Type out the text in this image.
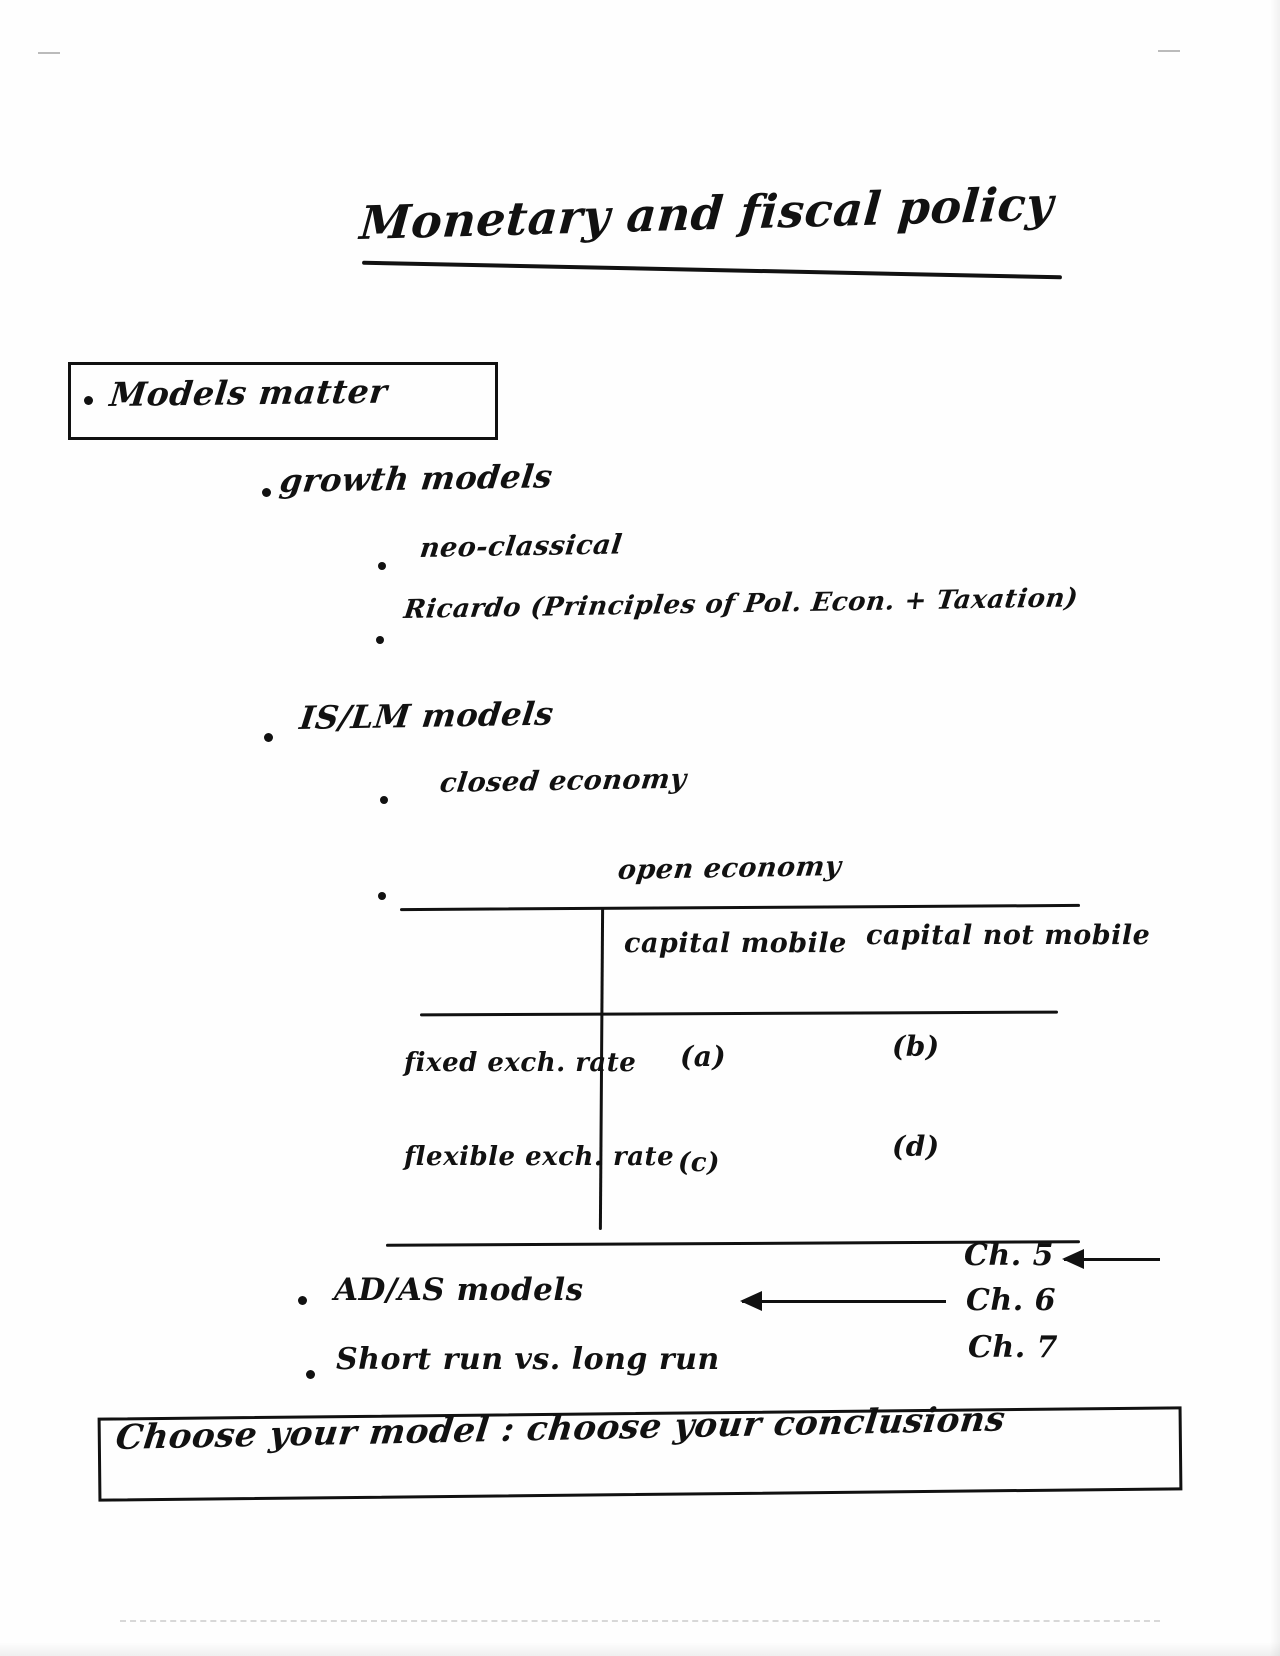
Monetary and fiscal policy
Models matter
growth models
neo-classical
Ricardo (Principles of Pol. Econ. + Taxation)
IS/LM models
closed economy
open economy
capital mobile capital not mobile
fixed exch. rate
flexible exch. rate
(a)	(b)
(c)	(d)
AD/AS models
Short run vs. long run
Ch. 5
Ch. 6
Ch. 7
Choose your model : choose your conclusions
